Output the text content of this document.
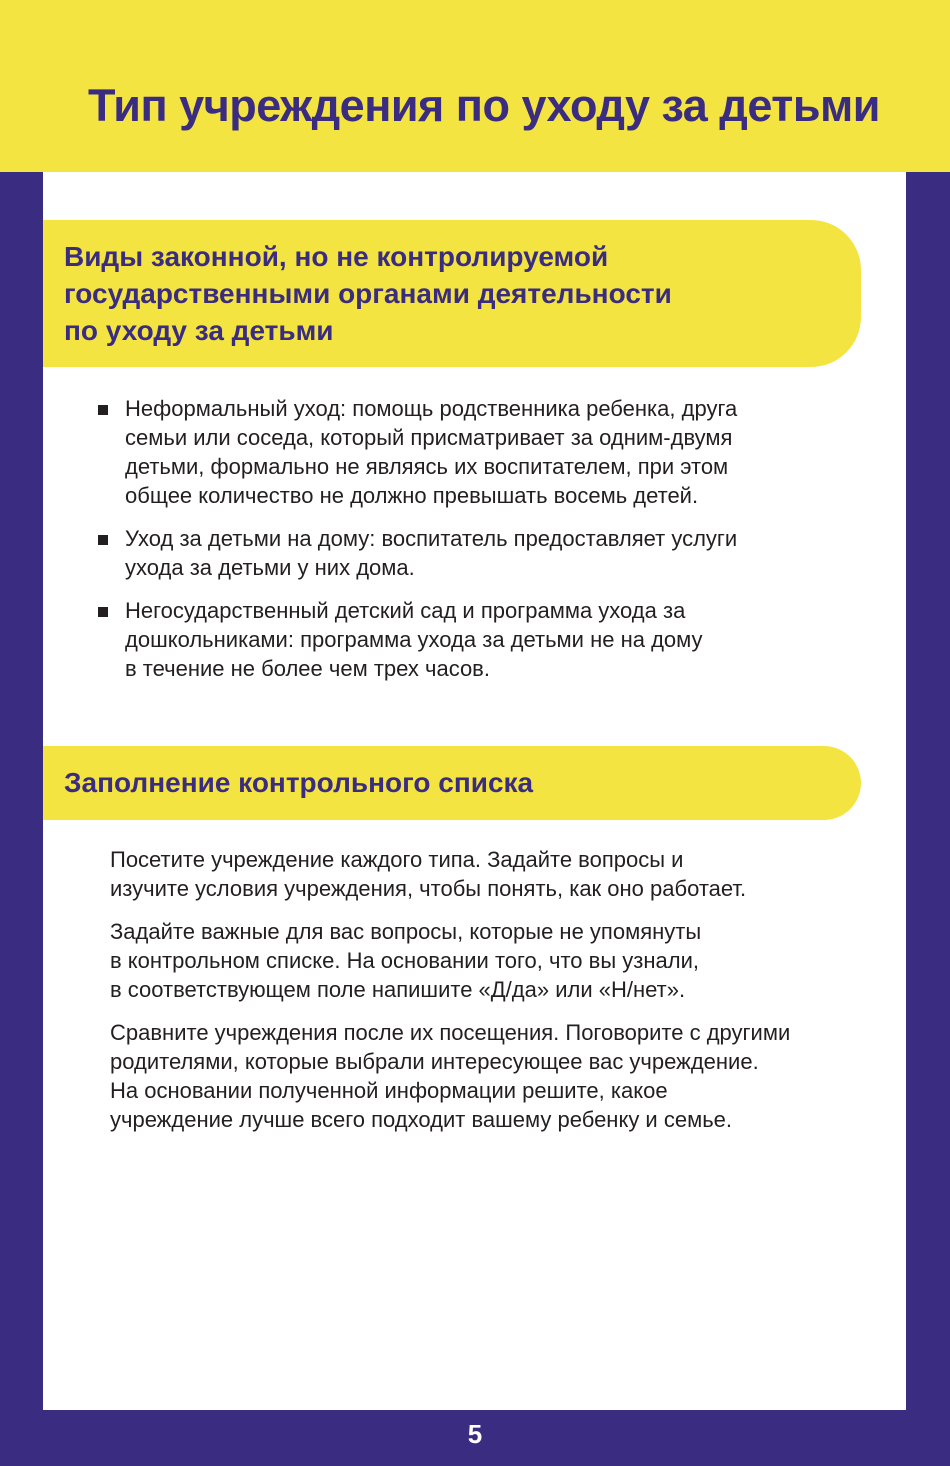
Тип учреждения по уходу за детьми
Виды законной, но не контролируемой
государственными органами деятельности
по уходу за детьми
Неформальный уход: помощь родственника ребенка, друга
семьи или соседа, который присматривает за одним-двумя
детьми, формально не являясь их воспитателем, при этом
общее количество не должно превышать восемь детей.
Уход за детьми на дому: воспитатель предоставляет услуги
ухода за детьми у них дома.
Негосударственный детский сад и программа ухода за
дошкольниками: программа ухода за детьми не на дому
в течение не более чем трех часов.
Заполнение контрольного списка

Посетите учреждение каждого типа. Задайте вопросы и
изучите условия учреждения, чтобы понять, как оно работает.

Задайте важные для вас вопросы, которые не упомянуты
в контрольном списке. На основании того, что вы узнали,
в соответствующем поле напишите «Д/да» или «Н/нет».

Сравните учреждения после их посещения. Поговорите с другими
родителями, которые выбрали интересующее вас учреждение.
На основании полученной информации решите, какое
учреждение лучше всего подходит вашему ребенку и семье.

5
